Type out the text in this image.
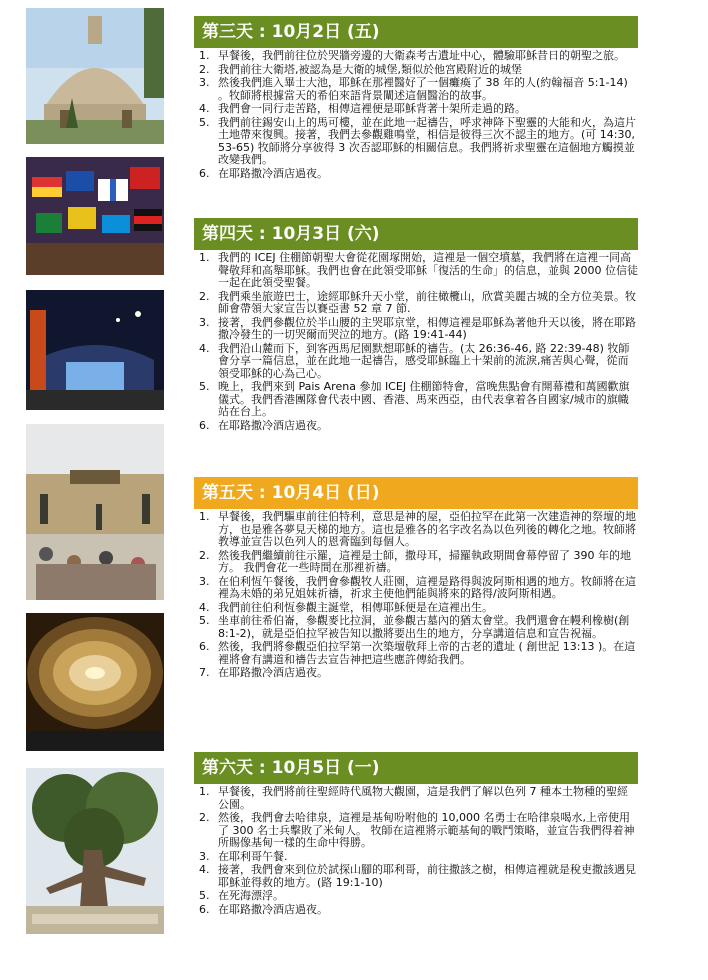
第三天 : 10月2日 (五)
1. 早餐後，我們前往位於哭牆旁邊的大衛森考古遺址中心，體驗耶穌昔日的朝聖之旅。
2. 我們前往大衛塔,被認為是大衛的城堡,類似於他宮殿附近的城堡
3. 然後我們進入畢士大池，耶穌在那裡醫好了一個癱瘓了 38 年的人(約翰福音 5:1-14) 。牧師將根據當天的希伯來語背景闡述這個醫治的故事。
4. 我們會一同行走苦路，相傳這裡便是耶穌背著十架所走過的路。
5. 我們前往錫安山上的馬可樓，並在此地一起禱告，呼求神降下聖靈的大能和火，為這片土地帶來復興。接著，我們去參觀雞鳴堂，相信是彼得三次不認主的地方。(可 14:30, 53-65) 牧師將分享彼得 3 次否認耶穌的相關信息。我們將祈求聖靈在這個地方觸摸並改變我們。
6. 在耶路撒冷酒店過夜。
第四天 : 10月3日 (六)
1. 我們的 ICEJ 住棚節朝聖大會從花園塚開始，這裡是一個空墳墓，我們將在這裡一同高聲敬拜和高舉耶穌。我們也會在此領受耶穌「復活的生命」的信息，並與 2000 位信徒一起在此領受聖餐。
2. 我們乘坐旅遊巴士，途經耶穌升天小堂，前往橄欖山，欣賞美麗古城的全方位美景。牧師會帶領大家宣告以賽亞書 52 章 7 節.
3. 接著，我們參觀位於半山腰的主哭耶京堂，相傳這裡是耶穌為著他升天以後，將在耶路撒冷發生的一切哭爾而哭泣的地方。(路 19:41-44)
4. 我們沿山麓而下，到客西馬尼園默想耶穌的禱告。(太 26:36-46, 路 22:39-48) 牧師會分享一篇信息，並在此地一起禱告，感受耶穌臨上十架前的流淚,痛苦與心聲，從而領受耶穌的心為己心。
5. 晚上，我們來到 Pais Arena 參加 ICEJ 住棚節特會，當晚焦點會有開幕禮和萬國歡旗儀式。我們香港團隊會代表中國、香港、馬來西亞，由代表拿着各自國家/城市的旗幟站在台上。
6. 在耶路撒冷酒店過夜。
第五天 : 10月4日 (日)
1. 早餐後，我們驅車前往伯特利，意思是神的屋，亞伯拉罕在此第一次建造神的祭壇的地方，也是雅各夢見天梯的地方。這也是雅各的名字改名為以色列後的轉化之地。牧師將教導並宣告以色列人的恩膏臨到每個人。
2. 然後我們繼續前往示羅，這裡是士師，撒母耳，掃羅執政期間會幕停留了 390 年的地方。 我們會花一些時間在那裡祈禱。
3. 在伯利恆午餐後，我們會參觀牧人莊園，這裡是路得與波阿斯相遇的地方。牧師將在這裡為未婚的弟兄姐妹祈禱，祈求主使他們能與將來的路得/波阿斯相遇。
4. 我們前往伯利恆參觀主誕堂，相傳耶穌便是在這裡出生。
5. 坐車前往希伯崙，參觀麥比拉洞，並參觀古墓內的猶太會堂。我們還會在幔利橡樹(創 8:1-2)，就是亞伯拉罕被告知以撒將要出生的地方，分享講道信息和宣告祝福。
6. 然後，我們將參觀亞伯拉罕第一次築壇敬拜上帝的古老的遺址 ( 創世記 13:13 )。在這裡將會有講道和禱告去宣告神把這些應許傳給我們。
7. 在耶路撒冷酒店過夜。
第六天 : 10月5日 (一)
1. 早餐後，我們將前往聖經時代風物大觀園，這是我們了解以色列 7 種本土物種的聖經公園。
2. 然後，我們會去哈律泉，這裡是基甸吩咐他的 10,000 名勇士在哈律泉喝水,上帝使用了 300 名士兵擊敗了米甸人。 牧師在這裡將示範基甸的戰鬥策略，並宣告我們得着神所賜像基甸一樣的生命中得勝。
3. 在耶利哥午餐.
4. 接著，我們會來到位於試探山腳的耶利哥，前往撒該之樹，相傳這裡就是稅吏撒該遇見耶穌並得救的地方。(路 19:1-10)
5. 在死海漂浮。
6. 在耶路撒冷酒店過夜。
